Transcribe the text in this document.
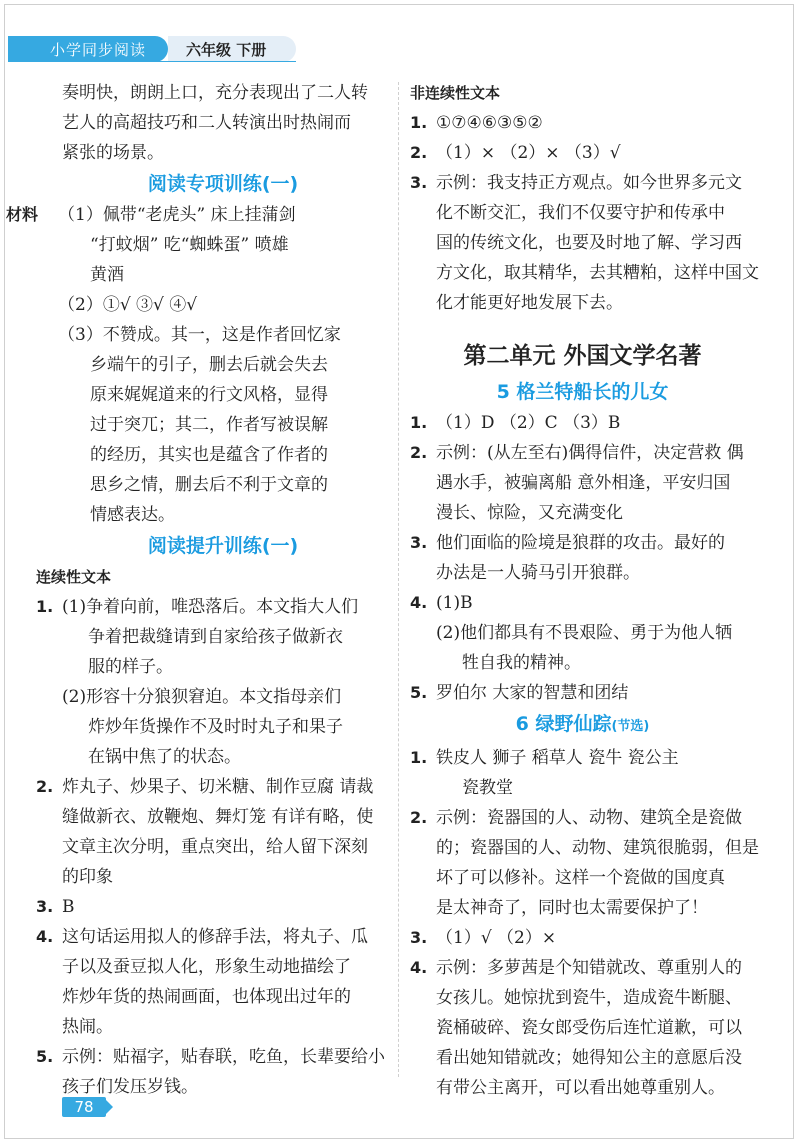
小学同步阅读	六年级 下册
奏明快，朗朗上口，充分表现出了二人转
艺人的高超技巧和二人转演出时热闹而
紧张的场景。
阅读专项训练(一)
材料 （1）佩带“老虎头” 床上挂蒲剑
“打蚊烟” 吃“蜘蛛蛋” 喷雄
黄酒
（2）①√ ③√ ④√
（3）不赞成。其一，这是作者回忆家
乡端午的引子，删去后就会失去
原来娓娓道来的行文风格，显得
过于突兀；其二，作者写被误解
的经历，其实也是蕴含了作者的
思乡之情，删去后不利于文章的
情感表达。
阅读提升训练(一)
连续性文本
1. (1)争着向前，唯恐落后。本文指大人们
争着把裁缝请到自家给孩子做新衣
服的样子。
(2)形容十分狼狈窘迫。本文指母亲们
炸炒年货操作不及时时丸子和果子
在锅中焦了的状态。
2. 炸丸子、炒果子、切米糖、制作豆腐 请裁
缝做新衣、放鞭炮、舞灯笼 有详有略，使
文章主次分明，重点突出，给人留下深刻
的印象
3. B
4. 这句话运用拟人的修辞手法，将丸子、瓜
子以及蚕豆拟人化，形象生动地描绘了
炸炒年货的热闹画面，也体现出过年的
热闹。
5. 示例：贴福字，贴春联，吃鱼，长辈要给小
孩子们发压岁钱。
非连续性文本
1. ①⑦④⑥③⑤②
2. （1）× （2）× （3）√
3. 示例：我支持正方观点。如今世界多元文
化不断交汇，我们不仅要守护和传承中
国的传统文化，也要及时地了解、学习西
方文化，取其精华，去其糟粕，这样中国文
化才能更好地发展下去。
第二单元 外国文学名著
5 格兰特船长的儿女
1. （1）D （2）C （3）B
2. 示例：(从左至右)偶得信件，决定营救 偶
遇水手，被骗离船 意外相逢，平安归国
漫长、惊险，又充满变化
3. 他们面临的险境是狼群的攻击。最好的
办法是一人骑马引开狼群。
4. (1)B
(2)他们都具有不畏艰险、勇于为他人牺
牲自我的精神。
5. 罗伯尔 大家的智慧和团结
6 绿野仙踪(节选)
1. 铁皮人 狮子 稻草人 瓷牛 瓷公主
瓷教堂
2. 示例：瓷器国的人、动物、建筑全是瓷做
的；瓷器国的人、动物、建筑很脆弱，但是
坏了可以修补。这样一个瓷做的国度真
是太神奇了，同时也太需要保护了！
3. （1）√ （2）×
4. 示例：多萝茜是个知错就改、尊重别人的
女孩儿。她惊扰到瓷牛，造成瓷牛断腿、
瓷桶破碎、瓷女郎受伤后连忙道歉，可以
看出她知错就改；她得知公主的意愿后没
有带公主离开，可以看出她尊重别人。
78
